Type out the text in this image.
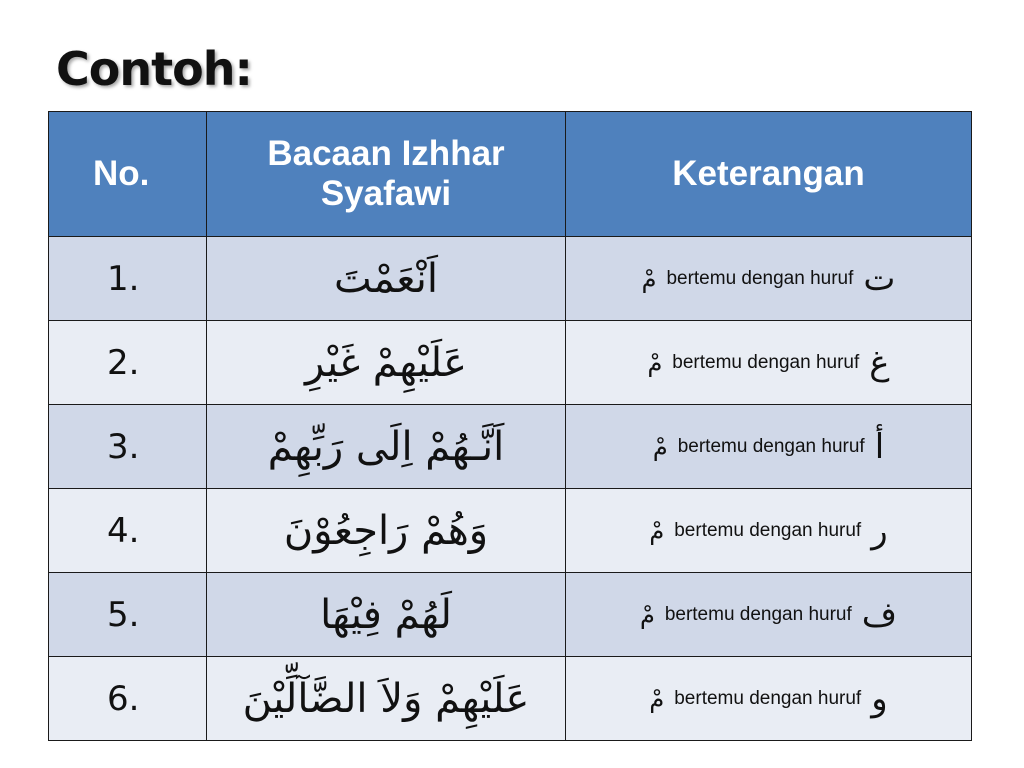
Contoh:
No.	Bacaan Izhhar Syafawi	Keterangan
1.	اَنْعَمْتَ	مْ bertemu dengan huruf ت

2.	عَلَيْهِمْ غَيْرِ	مْ bertemu dengan huruf غ

3.	اَنَّـهُمْ اِلَى رَبِّهِمْ	مْ bertemu dengan huruf أ

4.	وَهُمْ رَاجِعُوْنَ	مْ bertemu dengan huruf ر

5.	لَهُمْ فِيْهَا	مْ bertemu dengan huruf ف

6.	عَلَيْهِمْ وَلاَ الضَّآلِّيْنَ	مْ bertemu dengan huruf و
